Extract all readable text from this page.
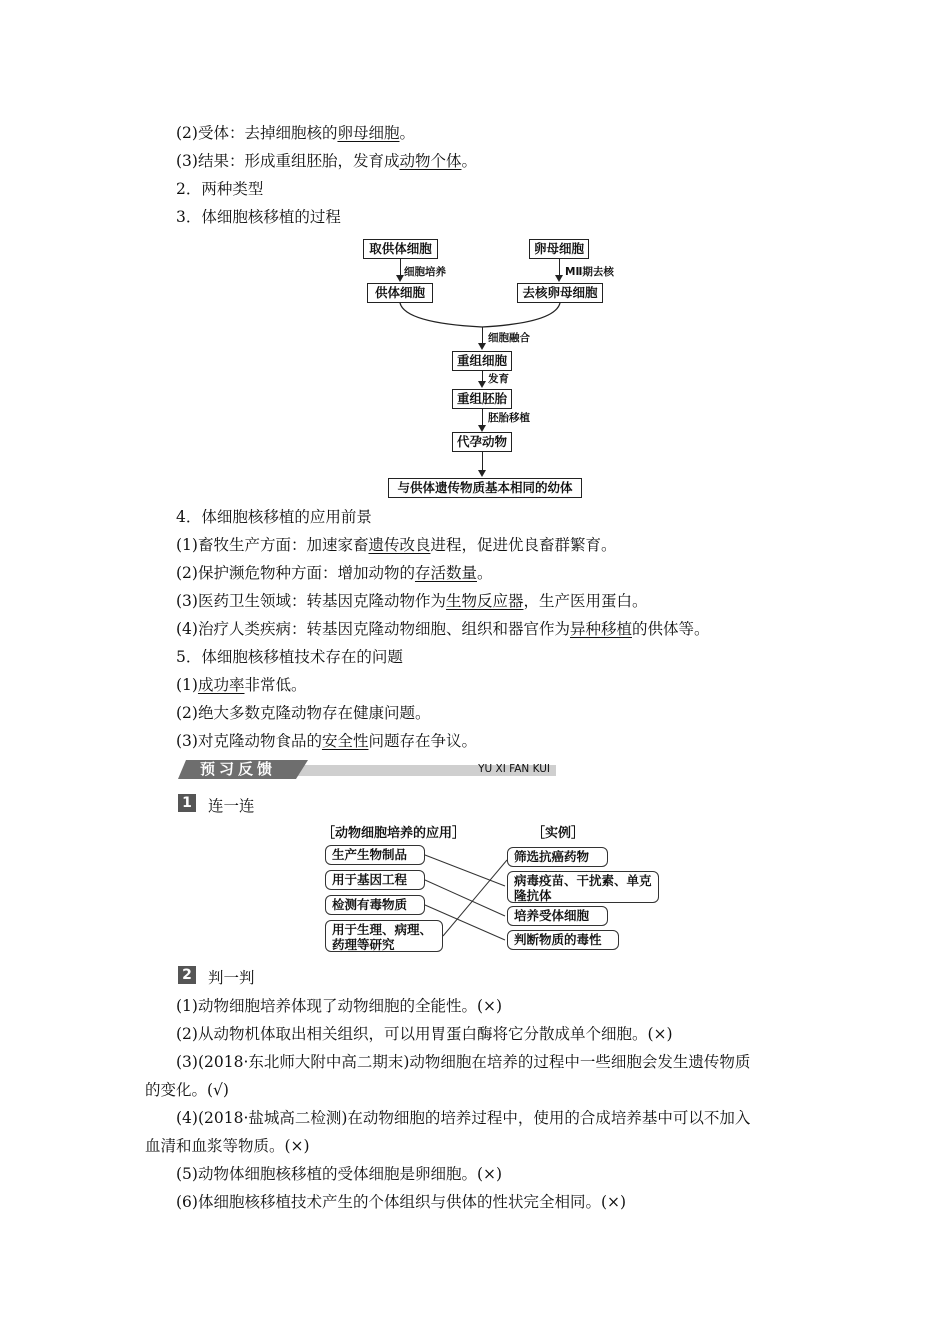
(2)受体：去掉细胞核的卵母细胞。
(3)结果：形成重组胚胎，发育成动物个体。
2．两种类型
3．体细胞核移植的过程
取供体细胞
细胞培养
供体细胞
卵母细胞
MⅡ期去核
去核卵母细胞
细胞融合
重组细胞
发育
重组胚胎
胚胎移植
代孕动物
与供体遗传物质基本相同的幼体
4．体细胞核移植的应用前景
(1)畜牧生产方面：加速家畜遗传改良进程，促进优良畜群繁育。
(2)保护濒危物种方面：增加动物的存活数量。
(3)医药卫生领域：转基因克隆动物作为生物反应器，生产医用蛋白。
(4)治疗人类疾病：转基因克隆动物细胞、组织和器官作为异种移植的供体等。
5．体细胞核移植技术存在的问题
(1)成功率非常低。
(2)绝大多数克隆动物存在健康问题。
(3)对克隆动物食品的安全性问题存在争议。
预习反馈	YU XI FAN KUI
1 连一连
［动物细胞培养的应用］	［实例］
生产生物制品
用于基因工程
检测有毒物质
用于生理、病理、药理等研究
筛选抗癌药物
病毒疫苗、干扰素、单克隆抗体
培养受体细胞
判断物质的毒性
2 判一判
(1)动物细胞培养体现了动物细胞的全能性。(×)
(2)从动物机体取出相关组织，可以用胃蛋白酶将它分散成单个细胞。(×)
(3)(2018·东北师大附中高二期末)动物细胞在培养的过程中一些细胞会发生遗传物质
的变化。(√)
(4)(2018·盐城高二检测)在动物细胞的培养过程中，使用的合成培养基中可以不加入
血清和血浆等物质。(×)
(5)动物体细胞核移植的受体细胞是卵细胞。(×)
(6)体细胞核移植技术产生的个体组织与供体的性状完全相同。(×)
